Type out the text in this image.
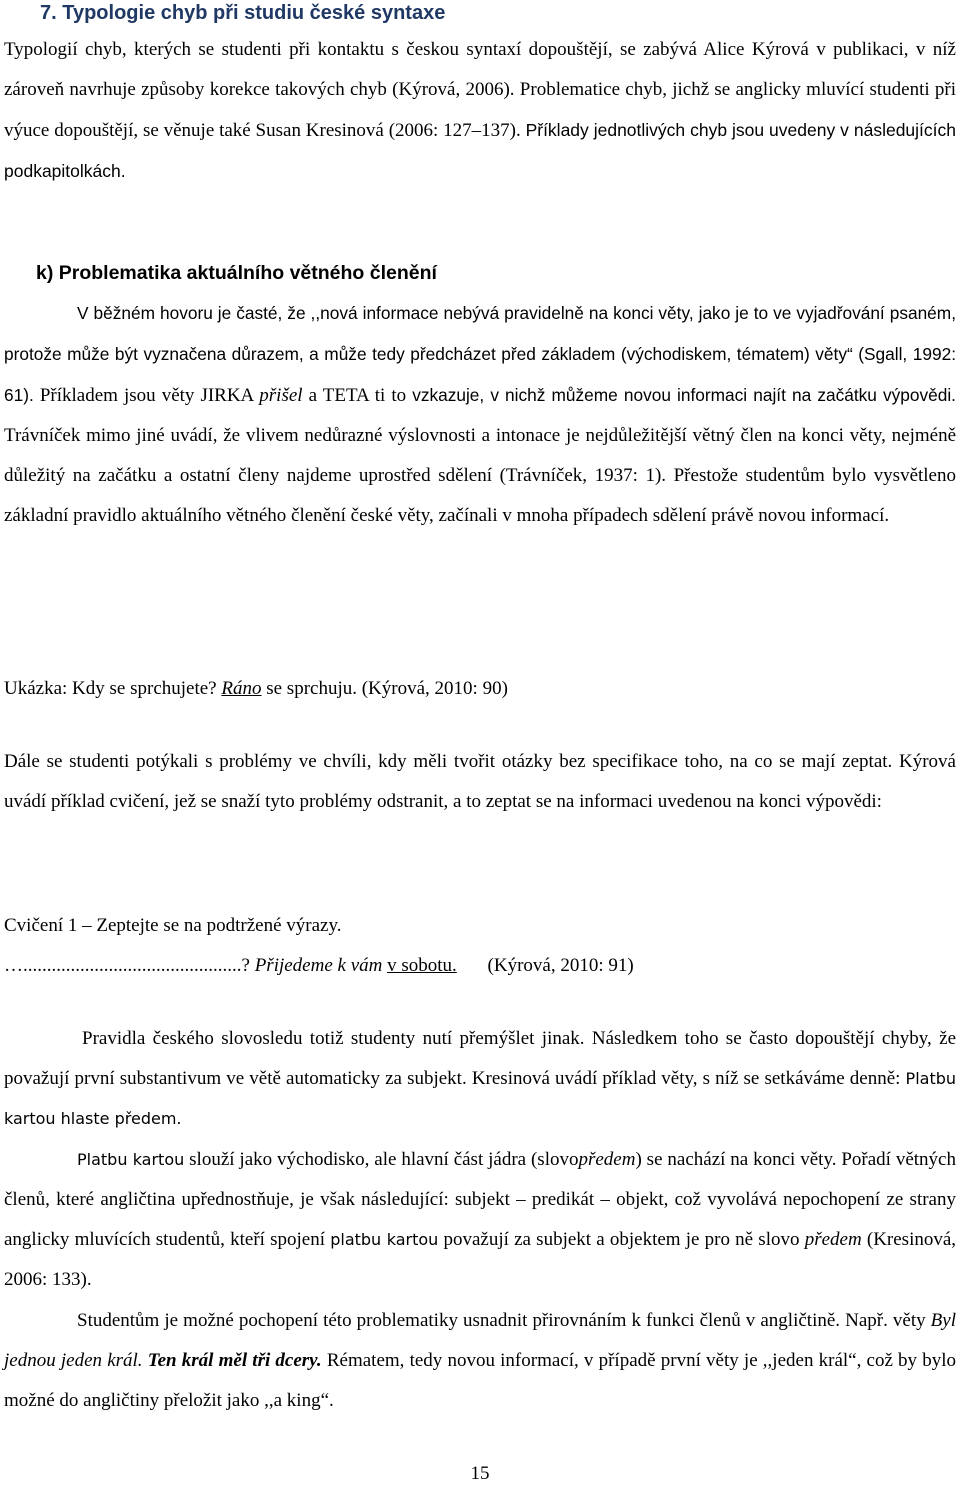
7. Typologie chyb při studiu české syntaxe

Typologií chyb, kterých se studenti při kontaktu s českou syntaxí dopouštějí, se zabývá Alice Kýrová v publikaci, v níž zároveň navrhuje způsoby korekce takových chyb (Kýrová, 2006). Problematice chyb, jichž se anglicky mluvící studenti při výuce dopouštějí, se věnuje také Susan Kresinová (2006: 127–137). Příklady jednotlivých chyb jsou uvedeny v následujících podkapitolkách.

k) Problematika aktuálního větného členění

V běžném hovoru je časté, že ,,nová informace nebývá pravidelně na konci věty, jako je to ve vyjadřování psaném, protože může být vyznačena důrazem, a může tedy předcházet před základem (východiskem, tématem) věty“ (Sgall, 1992: 61). Příkladem jsou věty JIRKA přišel a TETA ti to vzkazuje, v nichž můžeme novou informaci najít na začátku výpovědi. Trávníček mimo jiné uvádí, že vlivem nedůrazné výslovnosti a intonace je nejdůležitější větný člen na konci věty, nejméně důležitý na začátku a ostatní členy najdeme uprostřed sdělení (Trávníček, 1937: 1). Přestože studentům bylo vysvětleno základní pravidlo aktuálního větného členění české věty, začínali v mnoha případech sdělení právě novou informací.

Ukázka: Kdy se sprchujete? Ráno se sprchuju. (Kýrová, 2010: 90)

Dále se studenti potýkali s problémy ve chvíli, kdy měli tvořit otázky bez specifikace toho, na co se mají zeptat. Kýrová uvádí příklad cvičení, jež se snaží tyto problémy odstranit, a to zeptat se na informaci uvedenou na konci výpovědi:

Cvičení 1 – Zeptejte se na podtržené výrazy.

…..............................................? Přijedeme k vám v sobotu. (Kýrová, 2010: 91)

Pravidla českého slovosledu totiž studenty nutí přemýšlet jinak. Následkem toho se často dopouštějí chyby, že považují první substantivum ve větě automaticky za subjekt. Kresinová uvádí příklad věty, s níž se setkáváme denně: Platbu kartou hlaste předem.

Platbu kartou slouží jako východisko, ale hlavní část jádra (slovopředem) se nachází na konci věty. Pořadí větných členů, které angličtina upřednostňuje, je však následující: subjekt – predikát – objekt, což vyvolává nepochopení ze strany anglicky mluvících studentů, kteří spojení platbu kartou považují za subjekt a objektem je pro ně slovo předem (Kresinová, 2006: 133).

Studentům je možné pochopení této problematiky usnadnit přirovnáním k funkci členů v angličtině. Např. věty Byl jednou jeden král. Ten král měl tři dcery. Rématem, tedy novou informací, v případě první věty je ,,jeden král“, což by bylo možné do angličtiny přeložit jako ,,a king“.

15
